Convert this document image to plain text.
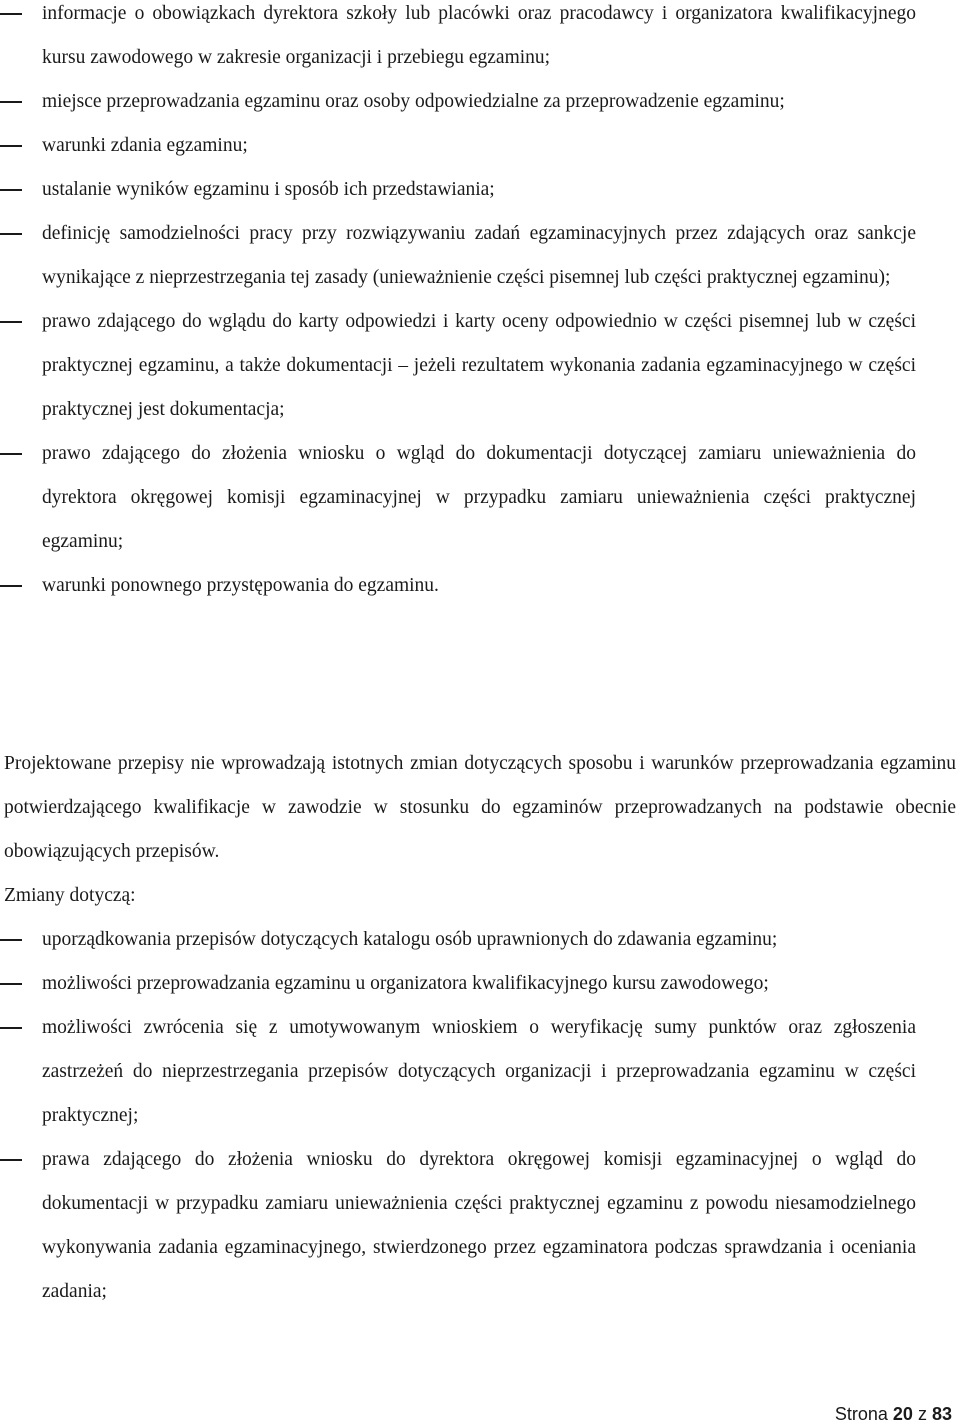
informacje o obowiązkach dyrektora szkoły lub placówki oraz pracodawcy i organizatora kwalifikacyjnego kursu zawodowego w zakresie organizacji i przebiegu egzaminu;
miejsce przeprowadzania egzaminu oraz osoby odpowiedzialne za przeprowadzenie egzaminu;
warunki zdania egzaminu;
ustalanie wyników egzaminu i sposób ich przedstawiania;
definicję samodzielności pracy przy rozwiązywaniu zadań egzaminacyjnych przez zdających oraz sankcje wynikające z nieprzestrzegania tej zasady (unieważnienie części pisemnej lub części praktycznej egzaminu);
prawo zdającego do wglądu do karty odpowiedzi i karty oceny odpowiednio w części pisemnej lub w części praktycznej egzaminu, a także dokumentacji – jeżeli rezultatem wykonania zadania egzaminacyjnego w części praktycznej jest dokumentacja;
prawo zdającego do złożenia wniosku o wgląd do dokumentacji dotyczącej zamiaru unieważnienia do dyrektora okręgowej komisji egzaminacyjnej w przypadku zamiaru unieważnienia części praktycznej egzaminu;
warunki ponownego przystępowania do egzaminu.

Projektowane przepisy nie wprowadzają istotnych zmian dotyczących sposobu i warunków przeprowadzania egzaminu potwierdzającego kwalifikacje w zawodzie w stosunku do egzaminów przeprowadzanych na podstawie obecnie obowiązujących przepisów.

Zmiany dotyczą:

uporządkowania przepisów dotyczących katalogu osób uprawnionych do zdawania egzaminu;
możliwości przeprowadzania egzaminu u organizatora kwalifikacyjnego kursu zawodowego;
możliwości zwrócenia się z umotywowanym wnioskiem o weryfikację sumy punktów oraz zgłoszenia zastrzeżeń do nieprzestrzegania przepisów dotyczących organizacji i przeprowadzania egzaminu w części praktycznej;
prawa zdającego do złożenia wniosku do dyrektora okręgowej komisji egzaminacyjnej o wgląd do dokumentacji w przypadku zamiaru unieważnienia części praktycznej egzaminu z powodu niesamodzielnego wykonywania zadania egzaminacyjnego, stwierdzonego przez egzaminatora podczas sprawdzania i oceniania zadania;
Strona 20 z 83
